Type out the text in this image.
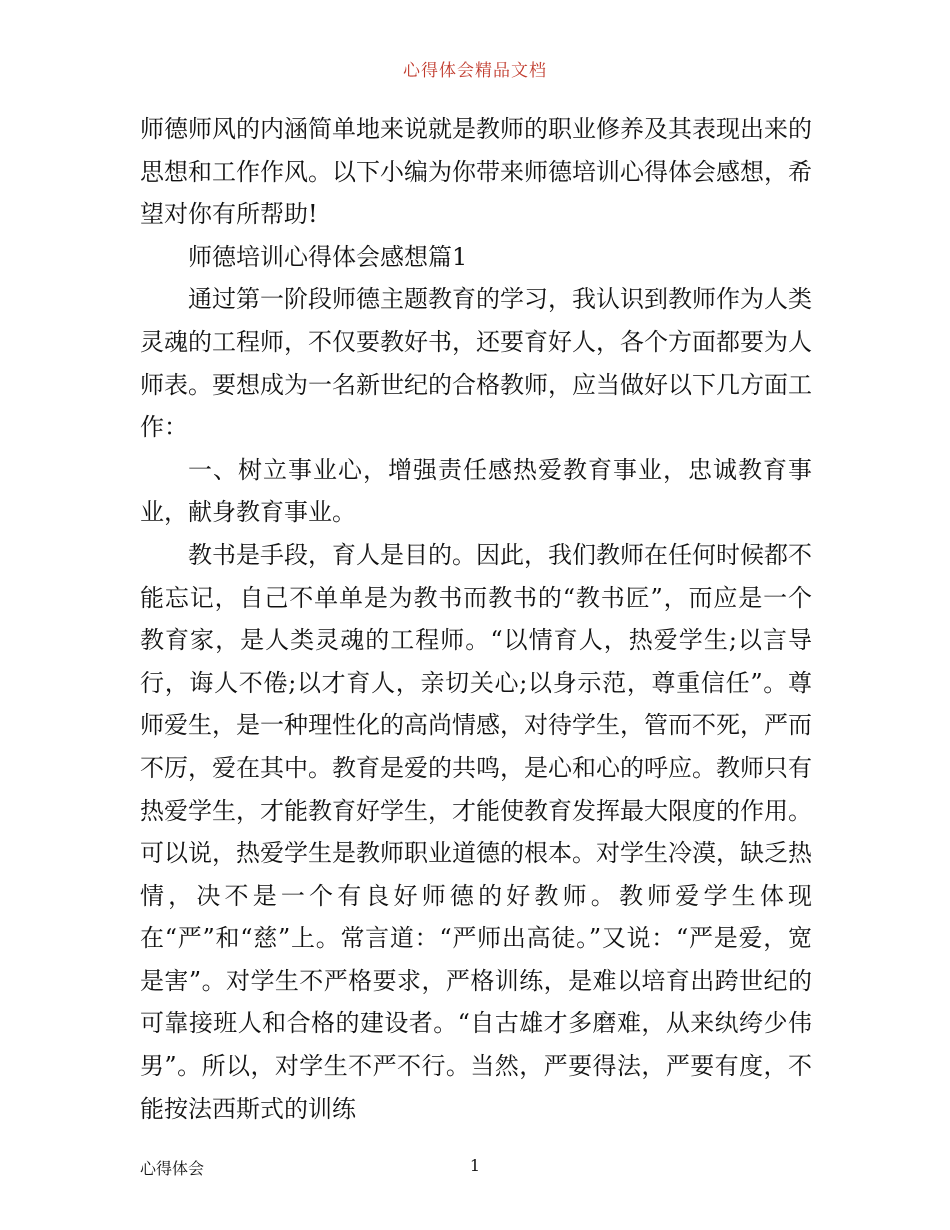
心得体会精品文档

师德师风的内涵简单地来说就是教师的职业修养及其表现出来的思想和工作作风。以下小编为你带来师德培训心得体会感想，希望对你有所帮助!

师德培训心得体会感想篇1

通过第一阶段师德主题教育的学习，我认识到教师作为人类灵魂的工程师，不仅要教好书，还要育好人，各个方面都要为人师表。要想成为一名新世纪的合格教师，应当做好以下几方面工作：

一、树立事业心，增强责任感热爱教育事业，忠诚教育事业，献身教育事业。

教书是手段，育人是目的。因此，我们教师在任何时候都不能忘记，自己不单单是为教书而教书的“教书匠”，而应是一个教育家，是人类灵魂的工程师。“以情育人，热爱学生;以言导行，诲人不倦;以才育人，亲切关心;以身示范，尊重信任”。尊师爱生，是一种理性化的高尚情感，对待学生，管而不死，严而不厉，爱在其中。教育是爱的共鸣，是心和心的呼应。教师只有热爱学生，才能教育好学生，才能使教育发挥最大限度的作用。可以说，热爱学生是教师职业道德的根本。对学生冷漠，缺乏热情，决不是一个有良好师德的好教师。教师爱学生体现在“严”和“慈”上。常言道：“严师出高徒。”又说：“严是爱，宽是害”。对学生不严格要求，严格训练，是难以培育出跨世纪的可靠接班人和合格的建设者。“自古雄才多磨难，从来纨绔少伟男”。所以，对学生不严不行。当然，严要得法，严要有度，不能按法西斯式的训练

心得体会	1
